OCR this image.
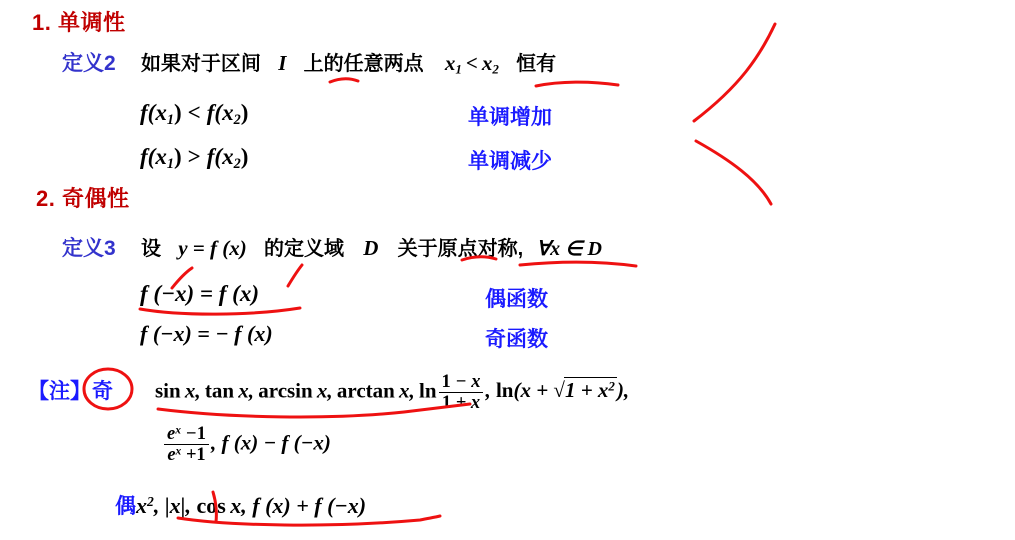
1. 单调性
定义2 如果对于区间 I 上的任意两点 $x_1 < x_2$ 恒有
$f(x_1) < f(x_2)$	单调增加
$f(x_1) > f(x_2)$	单调减少
2. 奇偶性
定义3 设 y = f (x) 的定义域 D 关于原点对称, ∀x ∈ D
f (−x) = f (x)	偶函数
f (−x) = − f (x)	奇函数
【注】 奇 sin  x, tan  x, arcsin  x, arctan  x, $\ln \frac{1 - x}{1 + x}$ , $\ln(x + √1 + x^2)$,
$\frac{e^x -1}{e^x +1}$ , f (x) − f (−x)
偶$x^2$, |x|, cos x, f (x) + f (−x)
